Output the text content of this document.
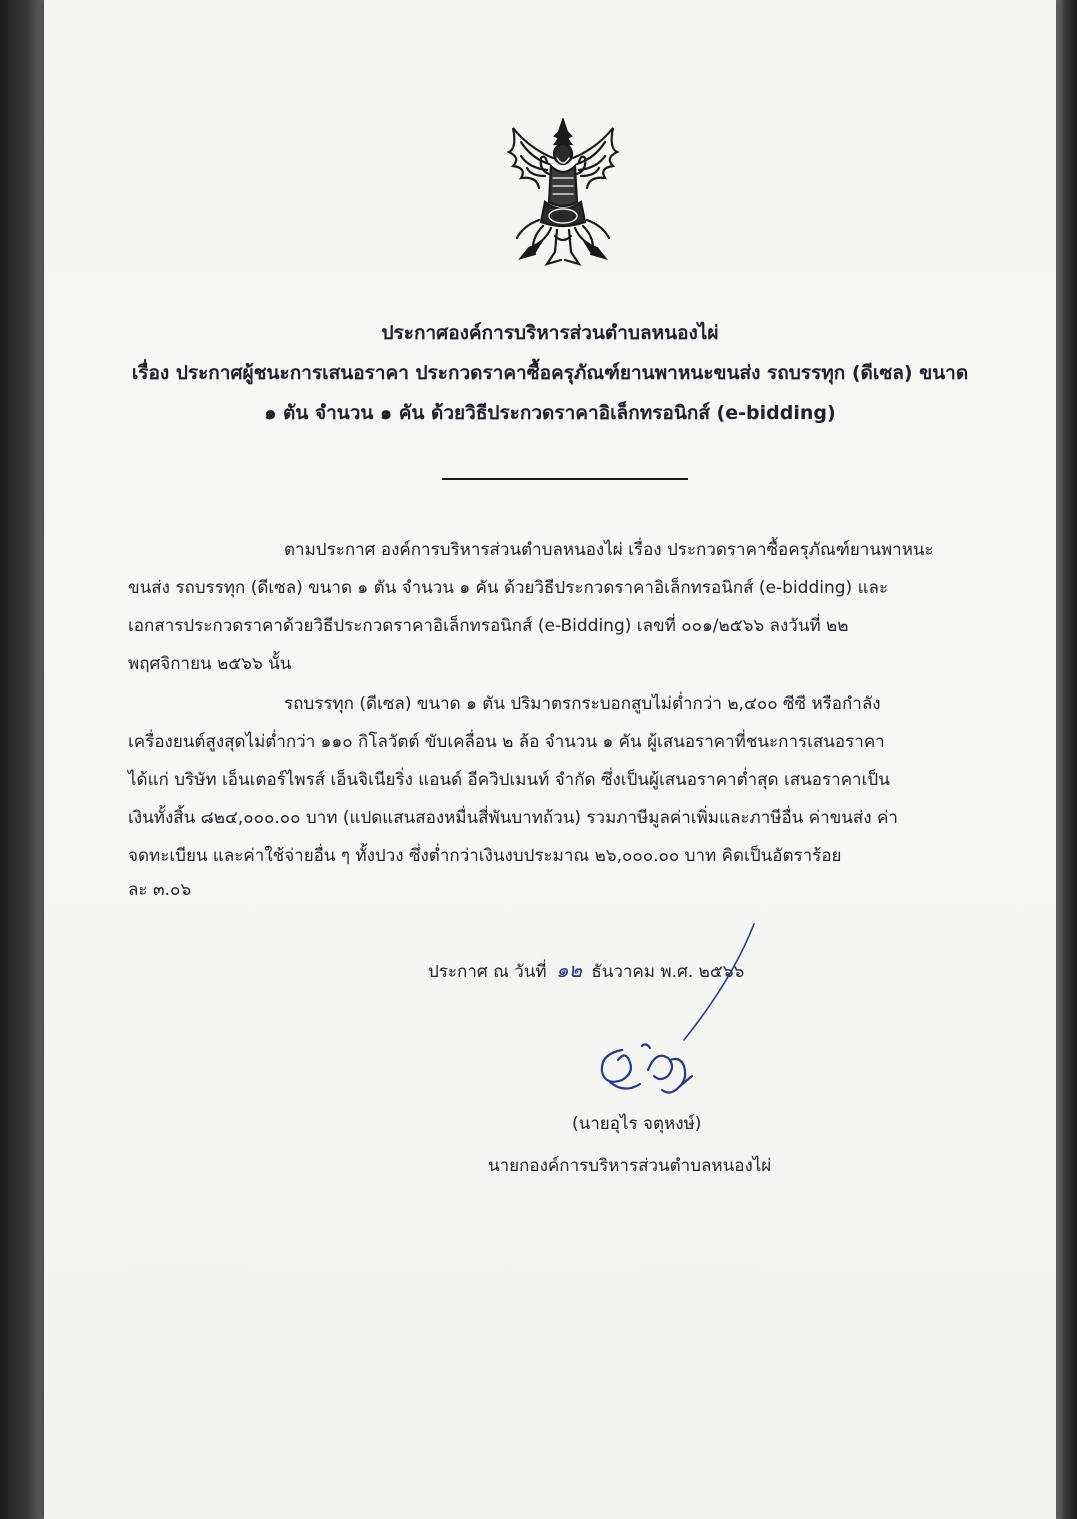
ประกาศองค์การบริหารส่วนตำบลหนองไผ่
เรื่อง ประกาศผู้ชนะการเสนอราคา ประกวดราคาซื้อครุภัณฑ์ยานพาหนะขนส่ง รถบรรทุก (ดีเซล) ขนาด
๑ ตัน จำนวน ๑ คัน ด้วยวิธีประกวดราคาอิเล็กทรอนิกส์ (e-bidding)
ตามประกาศ องค์การบริหารส่วนตำบลหนองไผ่ เรื่อง ประกวดราคาซื้อครุภัณฑ์ยานพาหนะ
ขนส่ง รถบรรทุก (ดีเซล) ขนาด ๑ ตัน จำนวน ๑ คัน ด้วยวิธีประกวดราคาอิเล็กทรอนิกส์ (e-bidding) และ
เอกสารประกวดราคาด้วยวิธีประกวดราคาอิเล็กทรอนิกส์ (e-Bidding) เลขที่ ๐๐๑/๒๕๖๖ ลงวันที่ ๒๒
พฤศจิกายน ๒๕๖๖ นั้น
รถบรรทุก (ดีเซล) ขนาด ๑ ตัน ปริมาตรกระบอกสูบไม่ต่ำกว่า ๒,๔๐๐ ซีซี หรือกำลัง
เครื่องยนต์สูงสุดไม่ต่ำกว่า ๑๑๐ กิโลวัตต์ ขับเคลื่อน ๒ ล้อ จำนวน ๑ คัน ผู้เสนอราคาที่ชนะการเสนอราคา
ได้แก่ บริษัท เอ็นเตอร์ไพรส์ เอ็นจิเนียริ่ง แอนด์ อีควิปเมนท์ จำกัด ซึ่งเป็นผู้เสนอราคาต่ำสุด เสนอราคาเป็น
เงินทั้งสิ้น ๘๒๔,๐๐๐.๐๐ บาท (แปดแสนสองหมื่นสี่พันบาทถ้วน) รวมภาษีมูลค่าเพิ่มและภาษีอื่น ค่าขนส่ง ค่า
จดทะเบียน และค่าใช้จ่ายอื่น ๆ ทั้งปวง ซึ่งต่ำกว่าเงินงบประมาณ ๒๖,๐๐๐.๐๐ บาท คิดเป็นอัตราร้อย
ละ ๓.๐๖
ประกาศ ณ วันที่ ๑๒ ธันวาคม พ.ศ. ๒๕๖๖
(นายอุไร จตุหงษ์)
นายกองค์การบริหารส่วนตำบลหนองไผ่
